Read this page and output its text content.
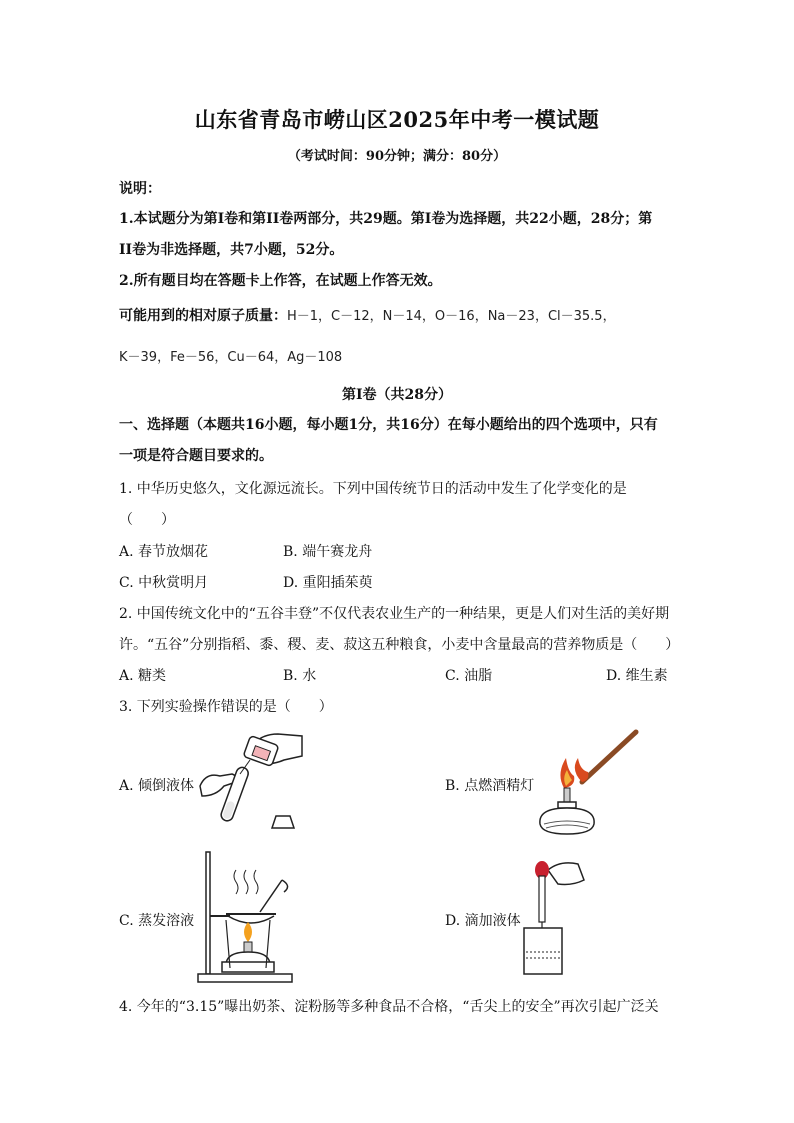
山东省青岛市崂山区2025年中考一模试题
（考试时间：90分钟；满分：80分）
说明：
1.本试题分为第I卷和第II卷两部分，共29题。第I卷为选择题，共22小题，28分；第
II卷为非选择题，共7小题，52分。
2.所有题目均在答题卡上作答，在试题上作答无效。
可能用到的相对原子质量：H－1，C－12，N－14，O－16，Na－23，Cl－35.5，
K－39，Fe－56，Cu－64，Ag－108
第I卷（共28分）
一、选择题（本题共16小题，每小题1分，共16分）在每小题给出的四个选项中，只有
一项是符合题目要求的。
1. 中华历史悠久，文化源远流长。下列中国传统节日的活动中发生了化学变化的是
（　　）
A. 春节放烟花	B. 端午赛龙舟
C. 中秋赏明月	D. 重阳插茱萸
2. 中国传统文化中的“五谷丰登”不仅代表农业生产的一种结果，更是人们对生活的美好期
许。“五谷”分别指稻、黍、稷、麦、菽这五种粮食，小麦中含量最高的营养物质是（　　）
A. 糖类	B. 水	C. 油脂	D. 维生素
3. 下列实验操作错误的是（　　）
A. 倾倒液体	B. 点燃酒精灯
C. 蒸发溶液	D. 滴加液体
4. 今年的“3.15”曝出奶茶、淀粉肠等多种食品不合格，“舌尖上的安全”再次引起广泛关
